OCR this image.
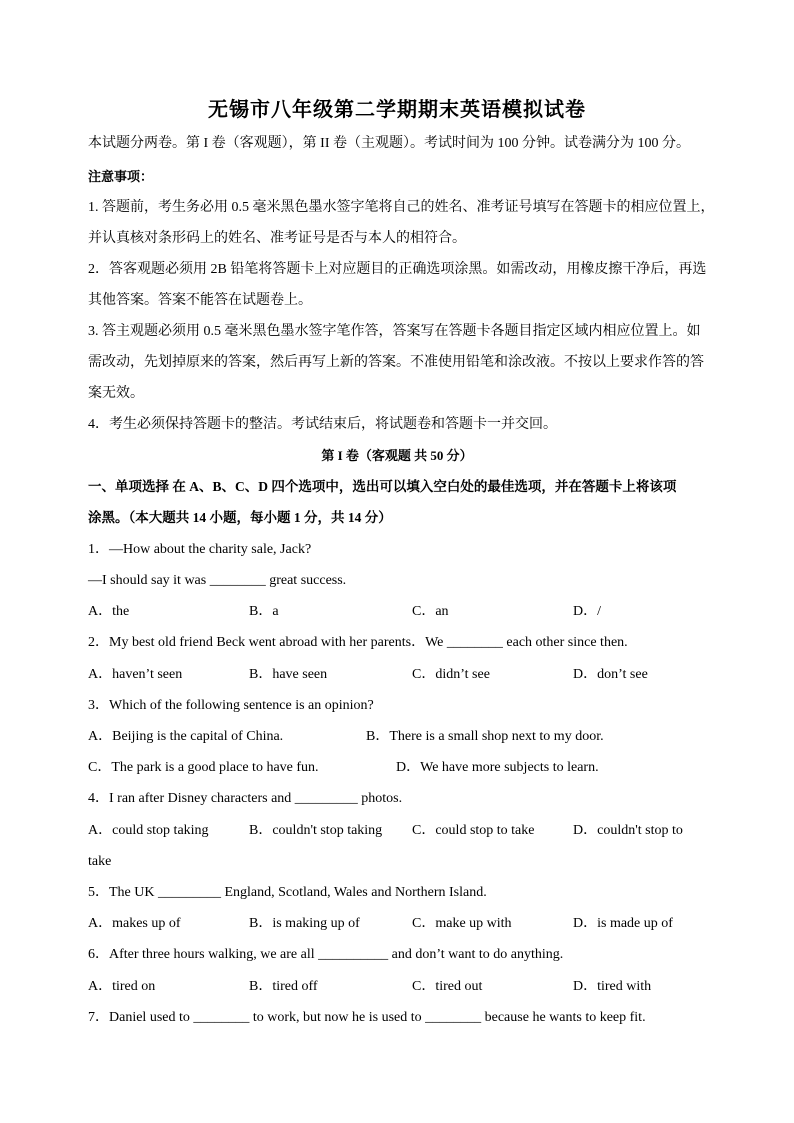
无锡市八年级第二学期期末英语模拟试卷
本试题分两卷。第 I 卷（客观题），第 II 卷（主观题）。考试时间为 100 分钟。试卷满分为 100 分。
注意事项：
1. 答题前，考生务必用 0.5 毫米黑色墨水签字笔将自己的姓名、准考证号填写在答题卡的相应位置上，
并认真核对条形码上的姓名、准考证号是否与本人的相符合。
2．答客观题必须用 2B 铅笔将答题卡上对应题目的正确选项涂黑。如需改动，用橡皮擦干净后，再选
其他答案。答案不能答在试题卷上。
3. 答主观题必须用 0.5 毫米黑色墨水签字笔作答，答案写在答题卡各题目指定区域内相应位置上。如
需改动，先划掉原来的答案，然后再写上新的答案。不准使用铅笔和涂改液。不按以上要求作答的答
案无效。
4．考生必须保持答题卡的整洁。考试结束后，将试题卷和答题卡一并交回。
第 I 卷（客观题 共 50 分）
一、单项选择 在 A、B、C、D 四个选项中，选出可以填入空白处的最佳选项，并在答题卡上将该项
涂黑。（本大题共 14 小题，每小题 1 分，共 14 分）
1．—How about the charity sale, Jack?
—I should say it was ________ great success.
A．the	B．a	C．an	D．/
2．My best old friend Beck went abroad with her parents．We ________ each other since then.
A．haven’t seen	B．have seen	C．didn’t see	D．don’t see
3．Which of the following sentence is an opinion?
A．Beijing is the capital of China.	B．There is a small shop next to my door.
C．The park is a good place to have fun.	D．We have more subjects to learn.
4．I ran after Disney characters and _________ photos.
A．could stop taking	B．couldn't stop taking C．could stop to take	D．couldn't stop to
take
5．The UK _________ England, Scotland, Wales and Northern Island.
A．makes up of	B．is making up of	C．make up with	D．is made up of
6．After three hours walking, we are all __________ and don’t want to do anything.
A．tired on	B．tired off	C．tired out	D．tired with
7．Daniel used to ________ to work, but now he is used to ________ because he wants to keep fit.
